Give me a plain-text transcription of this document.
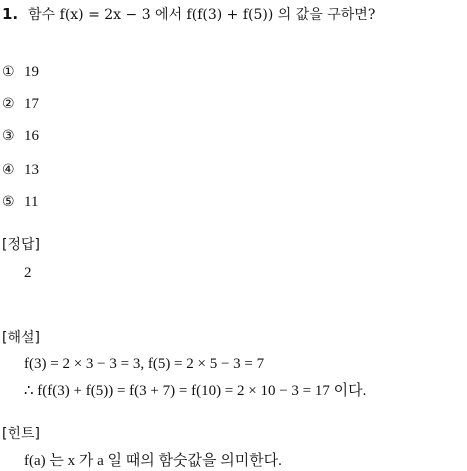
1. 함수 f(x) = 2x − 3 에서 f(f(3) + f(5)) 의 값을 구하면?
① 19
② 17
③ 16
④ 13
⑤ 11
[정답]
2
[해설]
f(3) = 2 × 3 − 3 = 3, f(5) = 2 × 5 − 3 = 7
∴ f(f(3) + f(5)) = f(3 + 7) = f(10) = 2 × 10 − 3 = 17 이다.
[힌트]
f(a) 는 x 가 a 일 때의 함숫값을 의미한다.
